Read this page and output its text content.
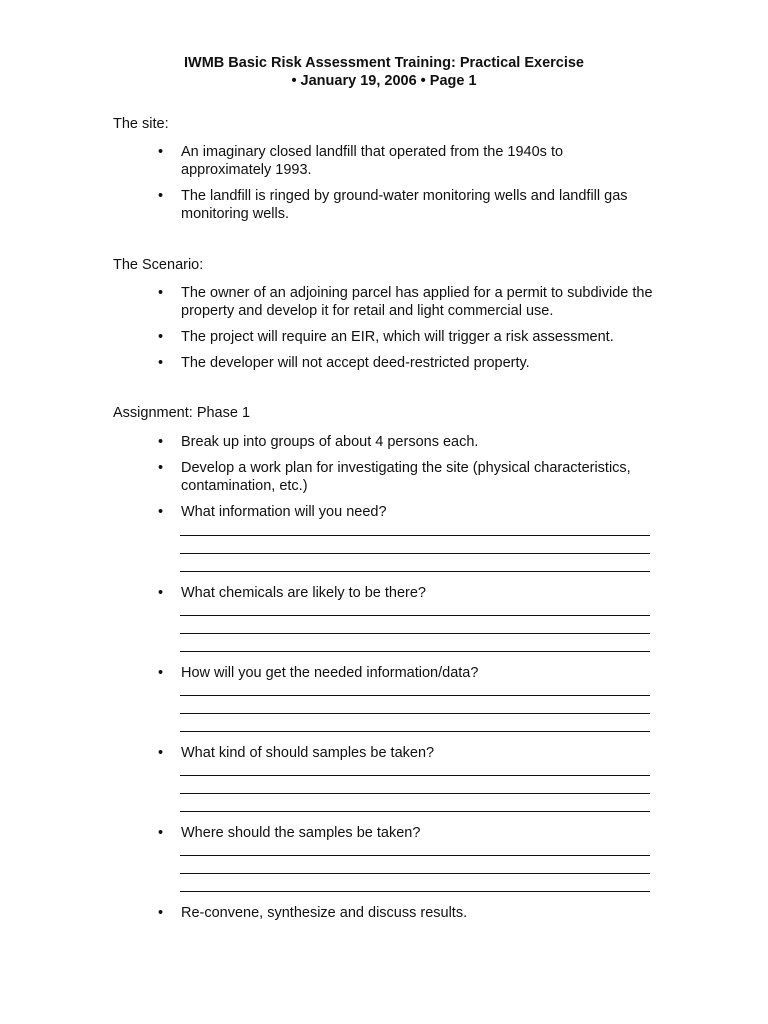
IWMB Basic Risk Assessment Training: Practical Exercise
• January 19, 2006 • Page 1
The site:
• An imaginary closed landfill that operated from the 1940s to approximately 1993.
• The landfill is ringed by ground-water monitoring wells and landfill gas monitoring wells.
The Scenario:
• The owner of an adjoining parcel has applied for a permit to subdivide the property and develop it for retail and light commercial use.
• The project will require an EIR, which will trigger a risk assessment.
• The developer will not accept deed-restricted property.
Assignment: Phase 1
• Break up into groups of about 4 persons each.
• Develop a work plan for investigating the site (physical characteristics, contamination, etc.)
• What information will you need?
• What chemicals are likely to be there?
• How will you get the needed information/data?
• What kind of should samples be taken?
• Where should the samples be taken?
• Re-convene, synthesize and discuss results.
